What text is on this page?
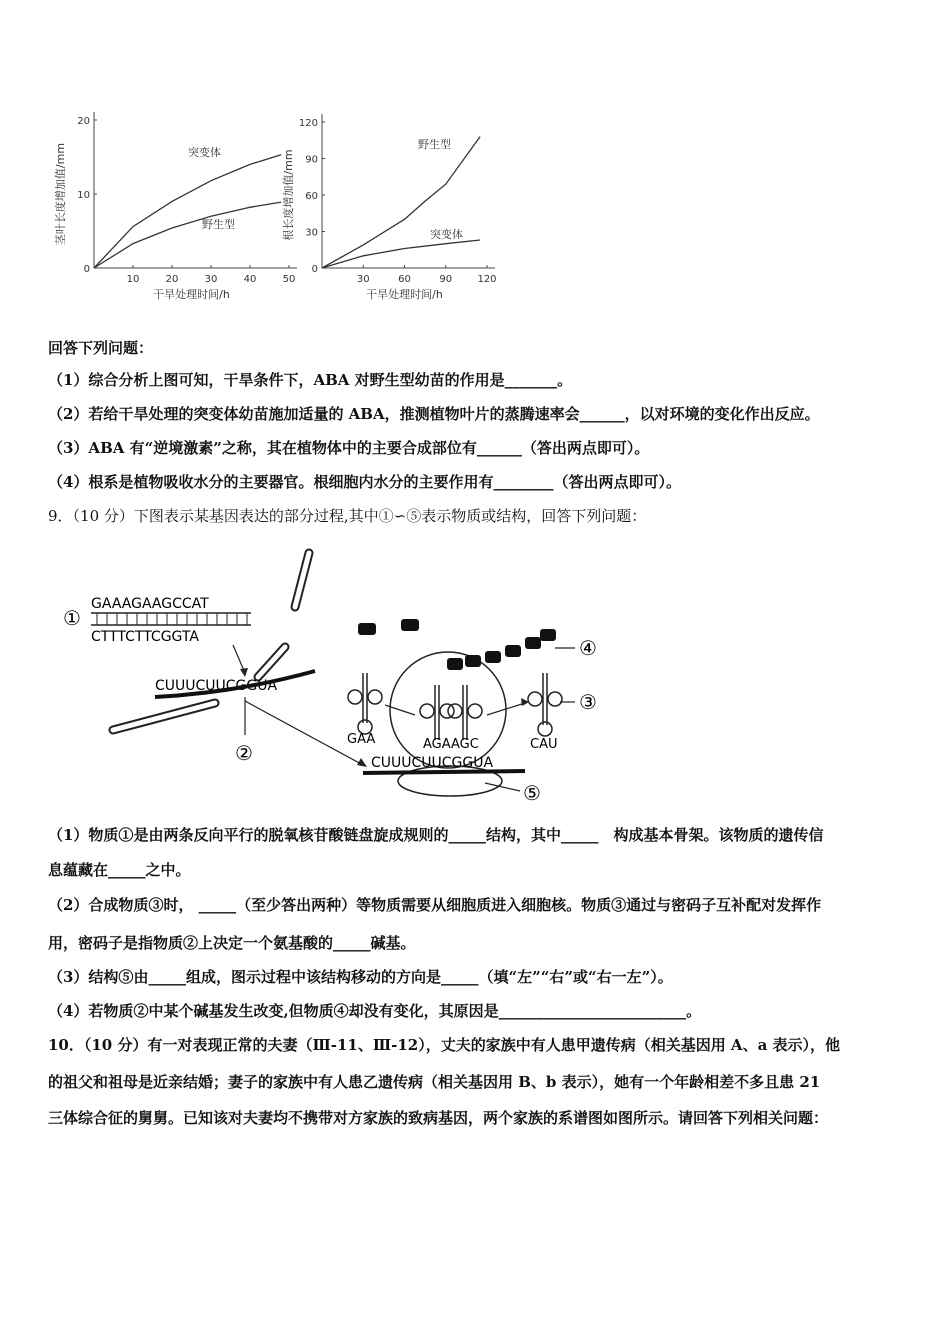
10	20	30	40	50
0
10
20
干旱处理时间/h
茎叶长度增加值/mm	突变体
野生型
30	60	90	120
0
30
60
90
120
干旱处理时间/h
根长度增加值/mm
野生型
突变体
回答下列问题：
（1）综合分析上图可知，干旱条件下，ABA 对野生型幼苗的作用是_______。
（2）若给干旱处理的突变体幼苗施加适量的 ABA，推测植物叶片的蒸腾速率会______，以对环境的变化作出反应。
（3）ABA 有“逆境激素”之称，其在植物体中的主要合成部位有______（答出两点即可）。
（4）根系是植物吸收水分的主要器官。根细胞内水分的主要作用有________（答出两点即可）。
9．（10 分）下图表示某基因表达的部分过程,其中①∽⑤表示物质或结构，回答下列问题：
①
GAAAGAAGCCAT
CTTTCTTCGGTA
CUUUCUUCGGUA
②	CUUUCUUCGGUA
⑤
GAA	AGAAGC	CAU
④
③
（1）物质①是由两条反向平行的脱氧核苷酸链盘旋成规则的_____结构，其中_____　构成基本骨架。该物质的遗传信
息蕴藏在_____之中。
（2）合成物质③时， _____（至少答出两种）等物质需要从细胞质进入细胞核。物质③通过与密码子互补配对发挥作
用，密码子是指物质②上决定一个氨基酸的_____碱基。
（3）结构⑤由_____组成，图示过程中该结构移动的方向是_____（填“左”“右”或“右一左”）。
（4）若物质②中某个碱基发生改变,但物质④却没有变化，其原因是_________________________。
10．（10 分）有一对表现正常的夫妻（Ⅲ-11、Ⅲ-12），丈夫的家族中有人患甲遗传病（相关基因用 A、a 表示），他
的祖父和祖母是近亲结婚；妻子的家族中有人患乙遗传病（相关基因用 B、b 表示），她有一个年龄相差不多且患 21
三体综合征的舅舅。已知该对夫妻均不携带对方家族的致病基因，两个家族的系谱图如图所示。请回答下列相关问题：
